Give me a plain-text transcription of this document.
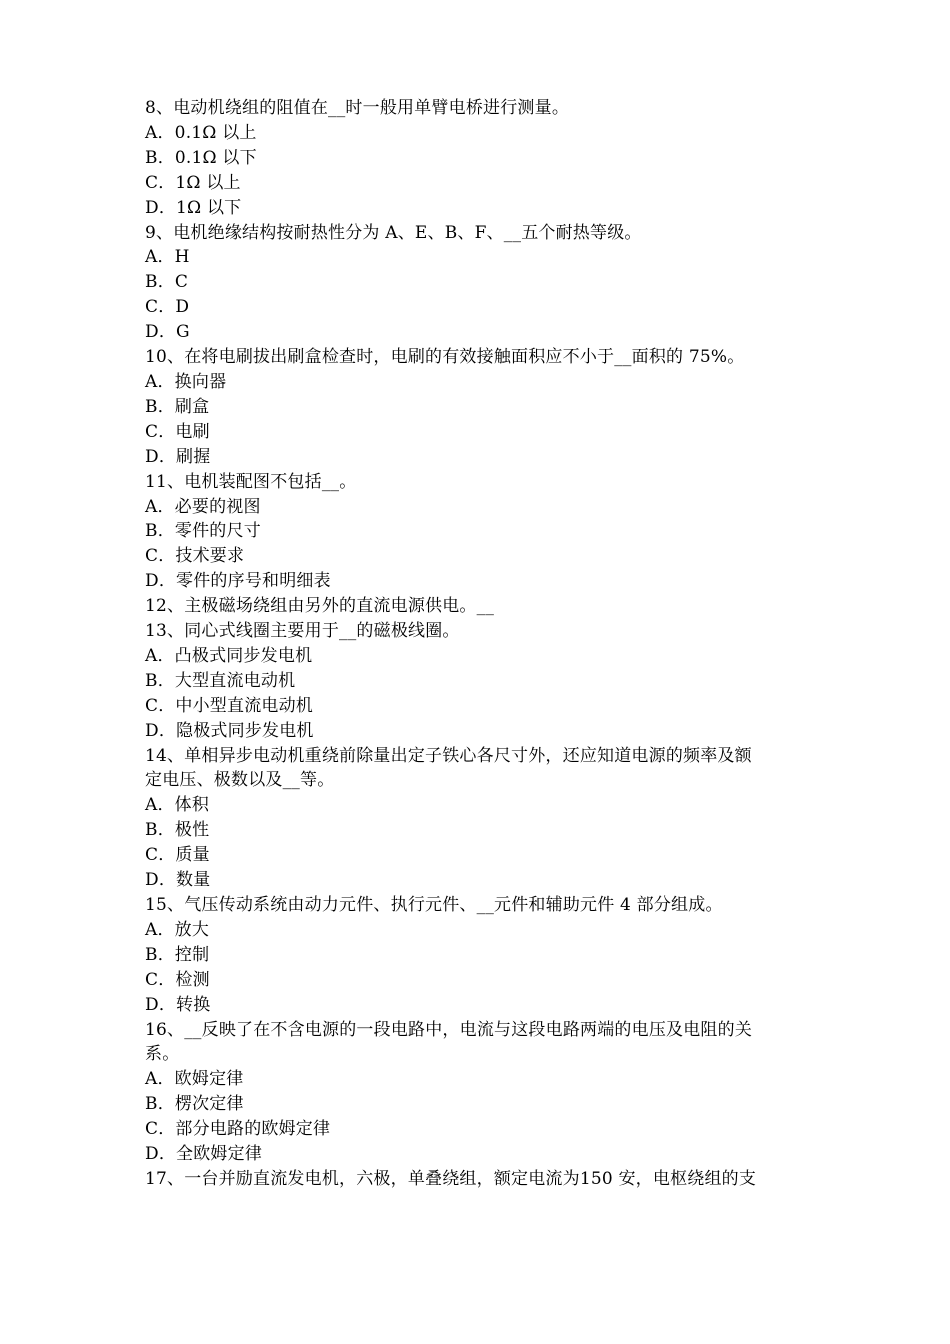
8、电动机绕组的阻值在__时一般用单臂电桥进行测量。
A．0.1Ω 以上
B．0.1Ω 以下
C．1Ω 以上
D．1Ω 以下
9、电机绝缘结构按耐热性分为 A、E、B、F、__五个耐热等级。
A．H
B．C
C．D
D．G
10、在将电刷拔出刷盒检查时，电刷的有效接触面积应不小于__面积的 75%。
A．换向器
B．刷盒
C．电刷
D．刷握
11、电机装配图不包括__。
A．必要的视图
B．零件的尺寸
C．技术要求
D．零件的序号和明细表
12、主极磁场绕组由另外的直流电源供电。__
13、同心式线圈主要用于__的磁极线圈。
A．凸极式同步发电机
B．大型直流电动机
C．中小型直流电动机
D．隐极式同步发电机
14、单相异步电动机重绕前除量出定子铁心各尺寸外，还应知道电源的频率及额
定电压、极数以及__等。
A．体积
B．极性
C．质量
D．数量
15、气压传动系统由动力元件、执行元件、__元件和辅助元件 4 部分组成。
A．放大
B．控制
C．检测
D．转换
16、__反映了在不含电源的一段电路中，电流与这段电路两端的电压及电阻的关
系。
A．欧姆定律
B．楞次定律
C．部分电路的欧姆定律
D．全欧姆定律
17、一台并励直流发电机，六极，单叠绕组，额定电流为150 安，电枢绕组的支
